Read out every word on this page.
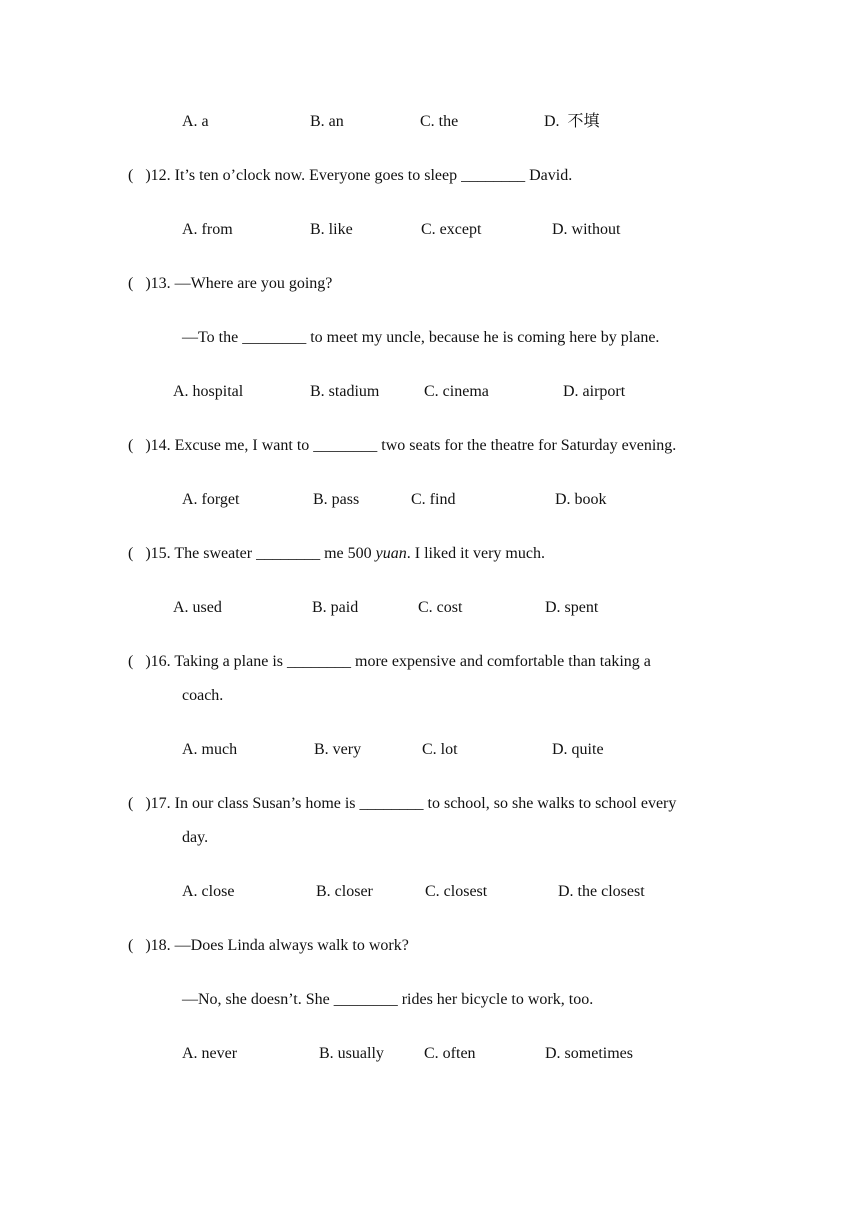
A. a	B. an	C. the	D.  不填
(   )12. It’s ten o’clock now. Everyone goes to sleep ________ David.
A. from	B. like	C. except	D. without
(   )13. —Where are you going?
—To the ________ to meet my uncle, because he is coming here by plane.
A. hospital	B. stadium	C. cinema	D. airport
(   )14. Excuse me, I want to ________ two seats for the theatre for Saturday evening.
A. forget	B. pass	C. find	D. book
(   )15. The sweater ________ me 500 yuan. I liked it very much.
A. used	B. paid	C. cost	D. spent
(   )16. Taking a plane is ________ more expensive and comfortable than taking a
coach.
A. much	B. very	C. lot	D. quite
(   )17. In our class Susan’s home is ________ to school, so she walks to school every
day.
A. close	B. closer	C. closest	D. the closest
(   )18. —Does Linda always walk to work?
—No, she doesn’t. She ________ rides her bicycle to work, too.
A. never	B. usually	C. often	D. sometimes
